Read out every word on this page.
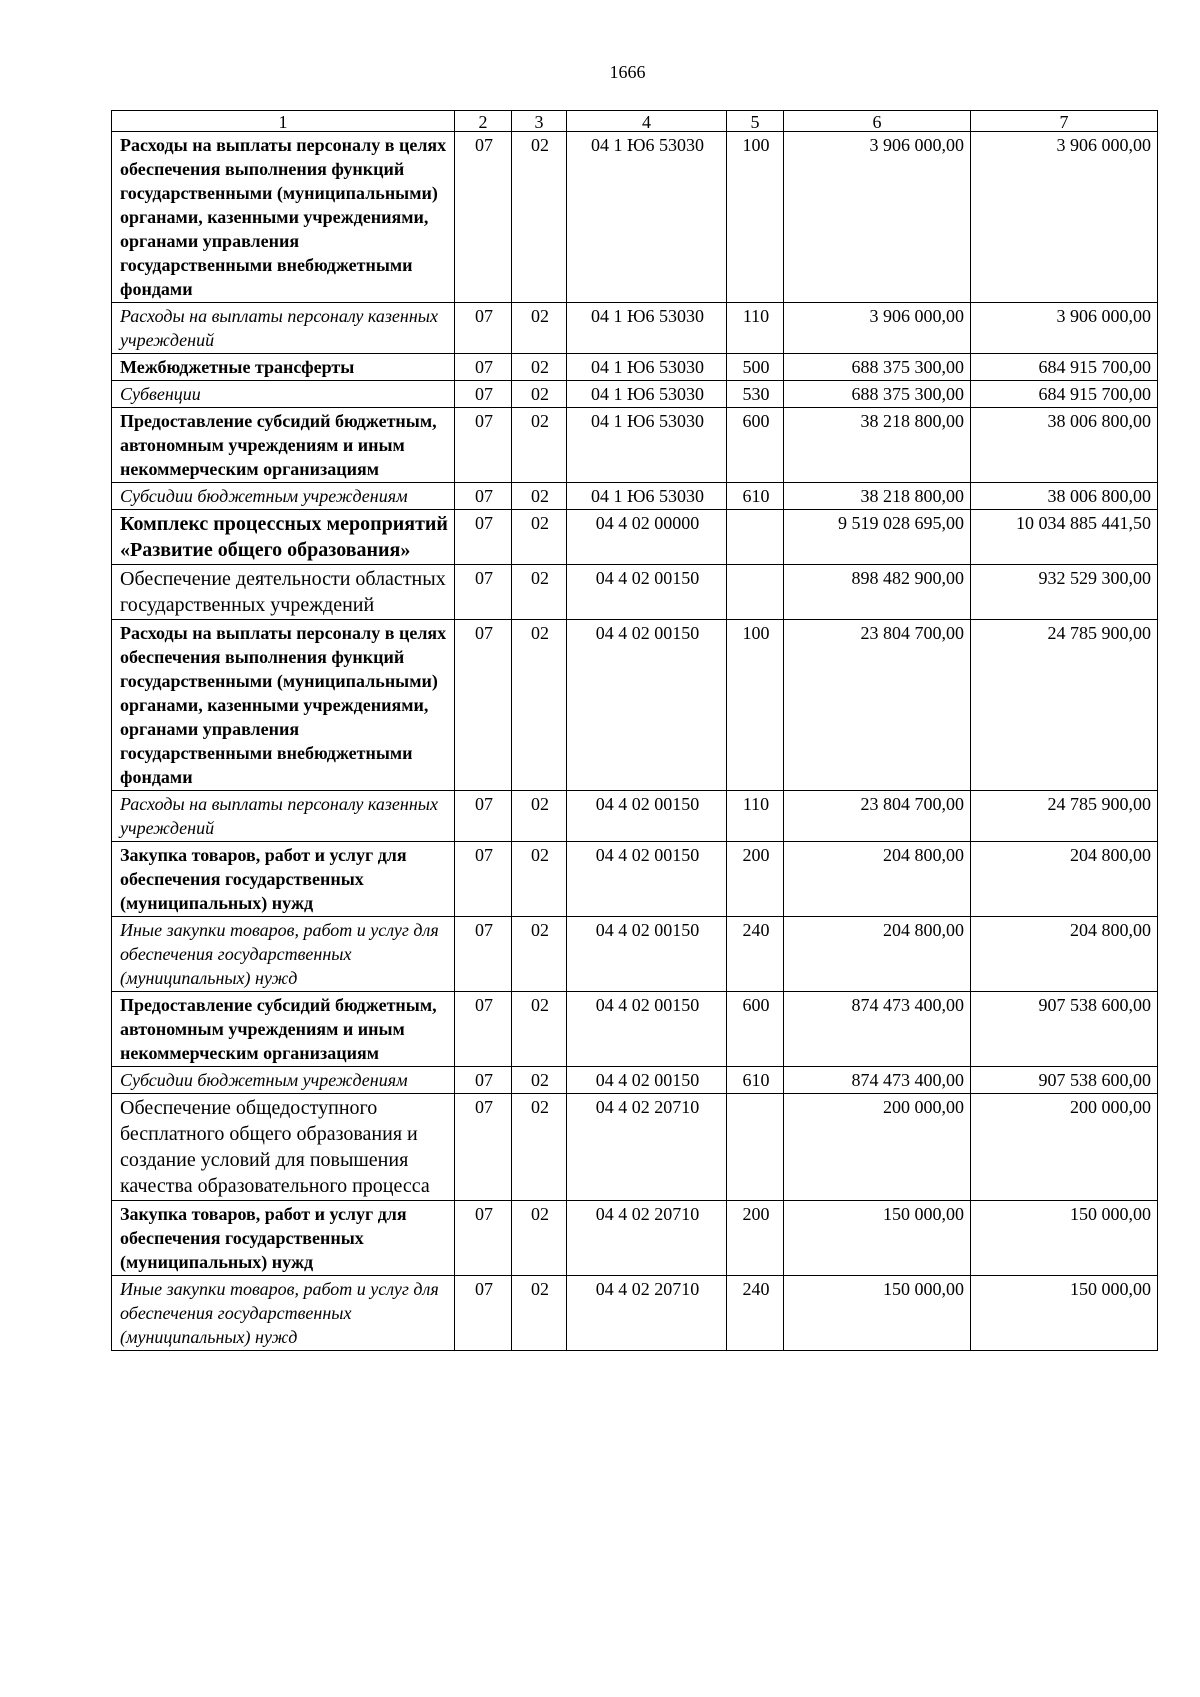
1666
1	2	3	4	5	6	7
Расходы на выплаты персоналу в целях обеспечения выполнения функций государственными (муниципальными) органами, казенными учреждениями, органами управления государственными внебюджетными фондами	07	02	04 1 Ю6 53030	100	3 906 000,00	3 906 000,00
Расходы на выплаты персоналу казенных учреждений	07	02	04 1 Ю6 53030	110	3 906 000,00	3 906 000,00
Межбюджетные трансферты	07	02	04 1 Ю6 53030	500	688 375 300,00	684 915 700,00
Субвенции	07	02	04 1 Ю6 53030	530	688 375 300,00	684 915 700,00
Предоставление субсидий бюджетным, автономным учреждениям и иным некоммерческим организациям	07	02	04 1 Ю6 53030	600	38 218 800,00	38 006 800,00
Субсидии бюджетным учреждениям	07	02	04 1 Ю6 53030	610	38 218 800,00	38 006 800,00
Комплекс процессных мероприятий «Развитие общего образования»	07	02	04 4 02 00000		9 519 028 695,00	10 034 885 441,50
Обеспечение деятельности областных государственных учреждений	07	02	04 4 02 00150		898 482 900,00	932 529 300,00
Расходы на выплаты персоналу в целях обеспечения выполнения функций государственными (муниципальными) органами, казенными учреждениями, органами управления государственными внебюджетными фондами	07	02	04 4 02 00150	100	23 804 700,00	24 785 900,00
Расходы на выплаты персоналу казенных учреждений	07	02	04 4 02 00150	110	23 804 700,00	24 785 900,00
Закупка товаров, работ и услуг для обеспечения государственных (муниципальных) нужд	07	02	04 4 02 00150	200	204 800,00	204 800,00
Иные закупки товаров, работ и услуг для обеспечения государственных (муниципальных) нужд	07	02	04 4 02 00150	240	204 800,00	204 800,00
Предоставление субсидий бюджетным, автономным учреждениям и иным некоммерческим организациям	07	02	04 4 02 00150	600	874 473 400,00	907 538 600,00
Субсидии бюджетным учреждениям	07	02	04 4 02 00150	610	874 473 400,00	907 538 600,00
Обеспечение общедоступного бесплатного общего образования и создание условий для повышения качества образовательного процесса	07	02	04 4 02 20710		200 000,00	200 000,00
Закупка товаров, работ и услуг для обеспечения государственных (муниципальных) нужд	07	02	04 4 02 20710	200	150 000,00	150 000,00
Иные закупки товаров, работ и услуг для обеспечения государственных (муниципальных) нужд	07	02	04 4 02 20710	240	150 000,00	150 000,00
